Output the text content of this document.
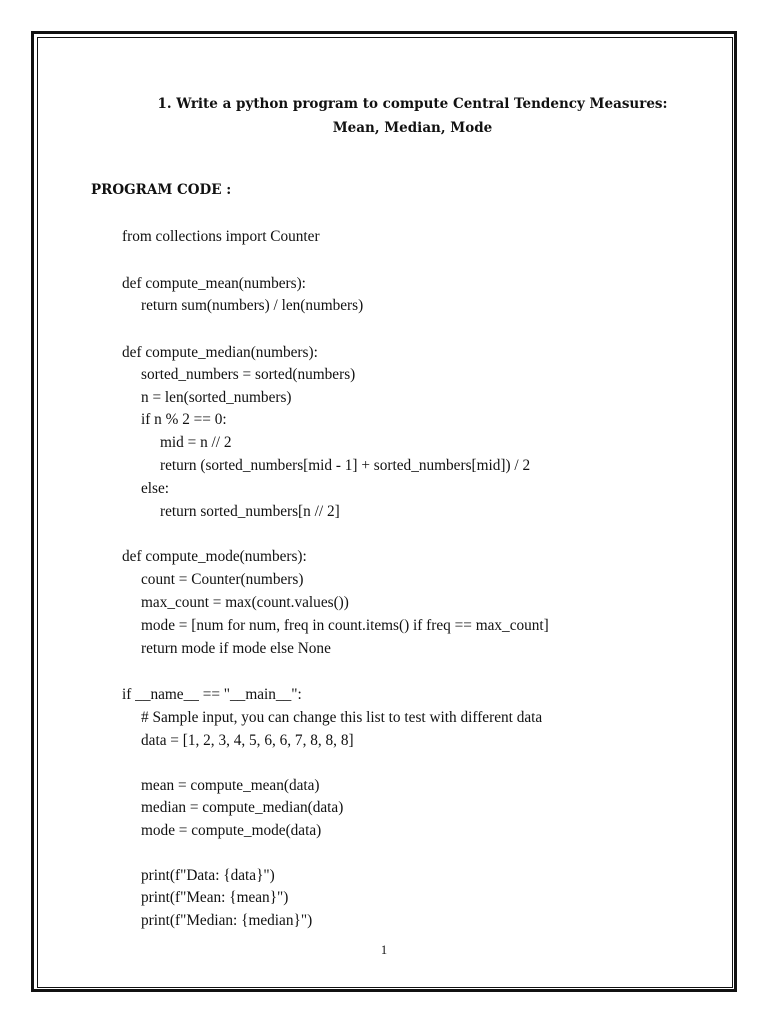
1. Write a python program to compute Central Tendency Measures:
Mean, Median, Mode
PROGRAM CODE :
from collections import Counter
def compute_mean(numbers):
return sum(numbers) / len(numbers)
def compute_median(numbers):
sorted_numbers = sorted(numbers)
n = len(sorted_numbers)
if n % 2 == 0:
mid = n // 2
return (sorted_numbers[mid - 1] + sorted_numbers[mid]) / 2
else:
return sorted_numbers[n // 2]
def compute_mode(numbers):
count = Counter(numbers)
max_count = max(count.values())
mode = [num for num, freq in count.items() if freq == max_count]
return mode if mode else None
if __name__ == "__main__":
# Sample input, you can change this list to test with different data
data = [1, 2, 3, 4, 5, 6, 6, 7, 8, 8, 8]
mean = compute_mean(data)
median = compute_median(data)
mode = compute_mode(data)
print(f"Data: {data}")
print(f"Mean: {mean}")
print(f"Median: {median}")
1
